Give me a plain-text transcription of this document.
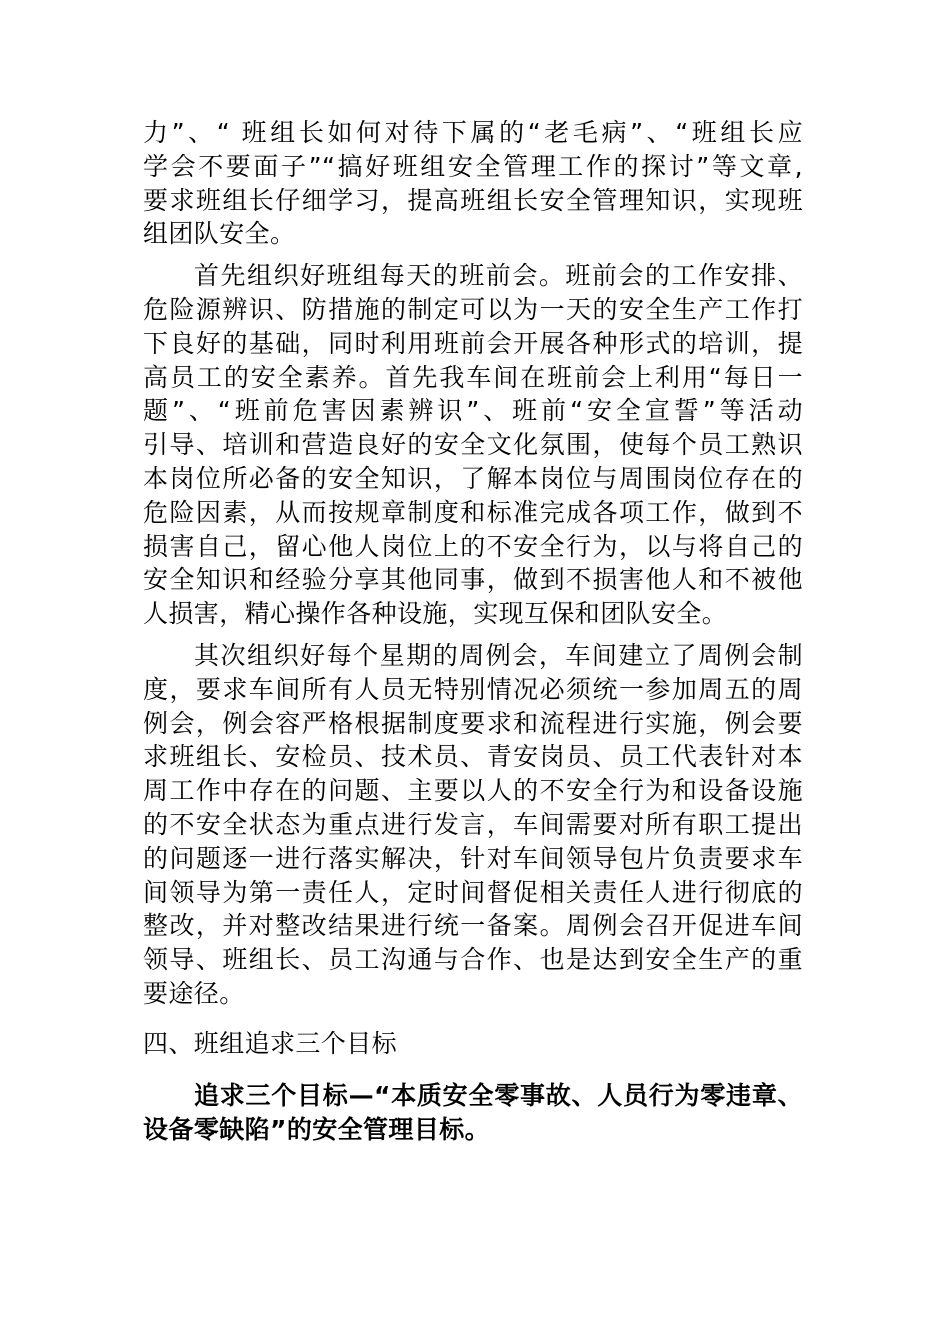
力”、“ 班组长如何对待下属的“老毛病”、“班组长应
学会不要面子”“搞好班组安全管理工作的探讨”等文章,
要求班组长仔细学习，提高班组长安全管理知识，实现班
组团队安全。
首先组织好班组每天的班前会。班前会的工作安排、
危险源辨识、防措施的制定可以为一天的安全生产工作打
下良好的基础，同时利用班前会开展各种形式的培训，提
高员工的安全素养。首先我车间在班前会上利用“每日一
题”、“班前危害因素辨识”、班前“安全宣誓”等活动
引导、培训和营造良好的安全文化氛围，使每个员工熟识
本岗位所必备的安全知识，了解本岗位与周围岗位存在的
危险因素，从而按规章制度和标准完成各项工作，做到不
损害自己，留心他人岗位上的不安全行为，以与将自己的
安全知识和经验分享其他同事，做到不损害他人和不被他
人损害，精心操作各种设施，实现互保和团队安全。
其次组织好每个星期的周例会，车间建立了周例会制
度，要求车间所有人员无特别情况必须统一参加周五的周
例会，例会容严格根据制度要求和流程进行实施，例会要
求班组长、安检员、技术员、青安岗员、员工代表针对本
周工作中存在的问题、主要以人的不安全行为和设备设施
的不安全状态为重点进行发言，车间需要对所有职工提出
的问题逐一进行落实解决，针对车间领导包片负责要求车
间领导为第一责任人，定时间督促相关责任人进行彻底的
整改，并对整改结果进行统一备案。周例会召开促进车间
领导、班组长、员工沟通与合作、也是达到安全生产的重
要途径。
四、班组追求三个目标
追求三个目标—“本质安全零事故、人员行为零违章、
设备零缺陷”的安全管理目标。
